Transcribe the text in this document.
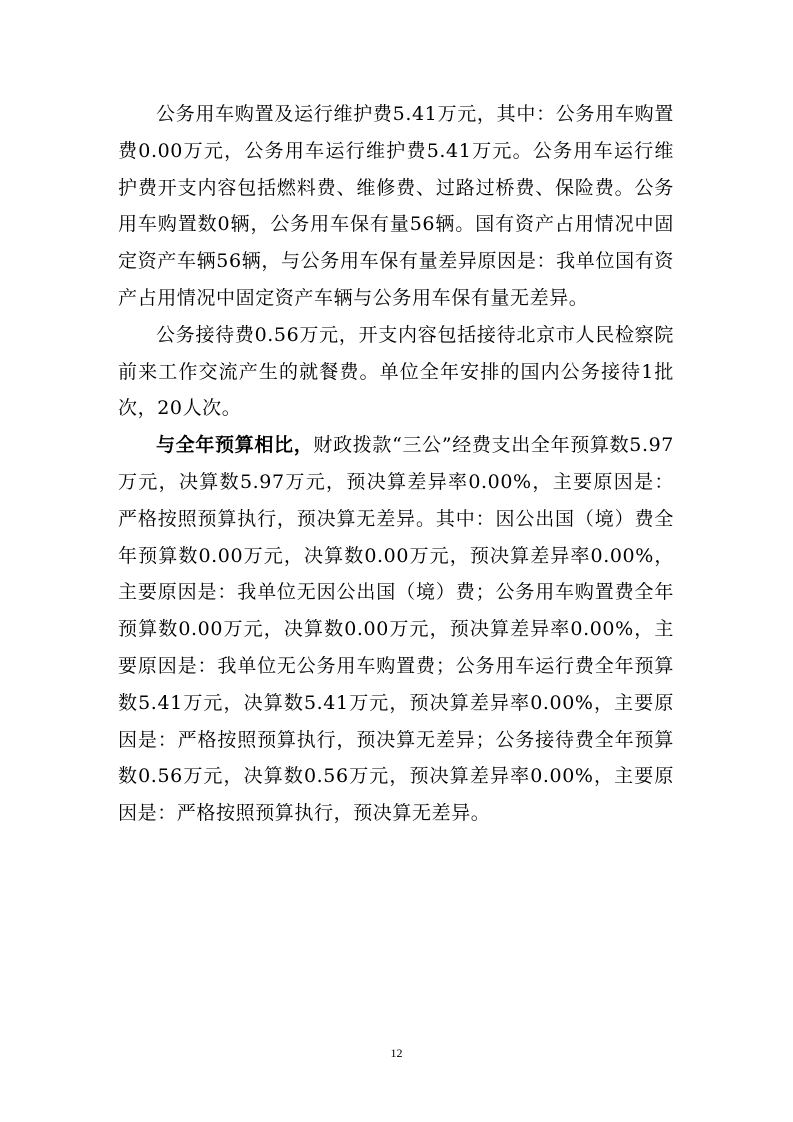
公务用车购置及运行维护费5.41万元，其中：公务用车购置费0.00万元，公务用车运行维护费5.41万元。公务用车运行维护费开支内容包括燃料费、维修费、过路过桥费、保险费。公务用车购置数0辆，公务用车保有量56辆。国有资产占用情况中固定资产车辆56辆，与公务用车保有量差异原因是：我单位国有资产占用情况中固定资产车辆与公务用车保有量无差异。

公务接待费0.56万元，开支内容包括接待北京市人民检察院前来工作交流产生的就餐费。单位全年安排的国内公务接待1批次，20人次。

与全年预算相比，财政拨款“三公”经费支出全年预算数5.97万元，决算数5.97万元，预决算差异率0.00%，主要原因是：严格按照预算执行，预决算无差异。其中：因公出国（境）费全年预算数0.00万元，决算数0.00万元，预决算差异率0.00%，主要原因是：我单位无因公出国（境）费；公务用车购置费全年预算数0.00万元，决算数0.00万元，预决算差异率0.00%，主要原因是：我单位无公务用车购置费；公务用车运行费全年预算数5.41万元，决算数5.41万元，预决算差异率0.00%，主要原因是：严格按照预算执行，预决算无差异；公务接待费全年预算数0.56万元，决算数0.56万元，预决算差异率0.00%，主要原因是：严格按照预算执行，预决算无差异。

12
